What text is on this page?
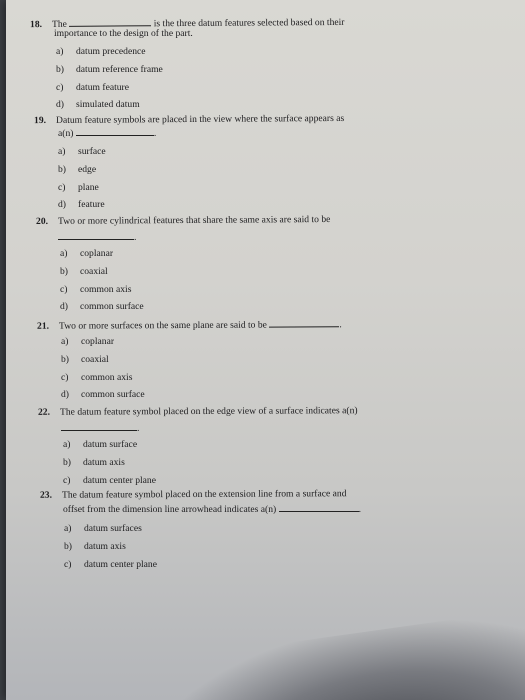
18. The	is the three datum features selected based on their
importance to the design of the part.
a) datum precedence
b) datum reference frame
c) datum feature
d) simulated datum
19. Datum feature symbols are placed in the view where the surface appears as
a(n)	.
a) surface
b) edge
c) plane
d) feature
20. Two or more cylindrical features that share the same axis are said to be
.
a) coplanar
b) coaxial
c) common axis
d) common surface
21. Two or more surfaces on the same plane are said to be	.
a) coplanar
b) coaxial
c) common axis
d) common surface
22. The datum feature symbol placed on the edge view of a surface indicates a(n)
.
a) datum surface
b) datum axis
c) datum center plane
23. The datum feature symbol placed on the extension line from a surface and
offset from the dimension line arrowhead indicates a(n)	.
a) datum surfaces
b) datum axis
c) datum center plane
